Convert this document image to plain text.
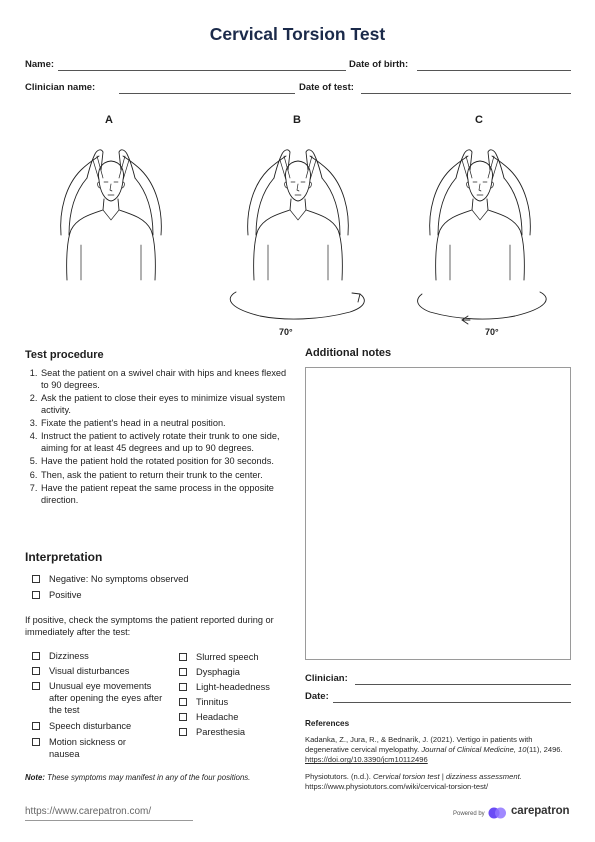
Cervical Torsion Test
Name:	Date of birth:
Clinician name:	Date of test:
A	B	C
70°	70°
Test procedure
1. Seat the patient on a swivel chair with hips and knees flexed to 90 degrees.
2. Ask the patient to close their eyes to minimize visual system activity.
3. Fixate the patient's head in a neutral position.
4. Instruct the patient to actively rotate their trunk to one side, aiming for at least 45 degrees and up to 90 degrees.
5. Have the patient hold the rotated position for 30 seconds.
6. Then, ask the patient to return their trunk to the center.
7. Have the patient repeat the same process in the opposite direction.
Interpretation
Negative: No symptoms observed
Positive
If positive, check the symptoms the patient reported during or immediately after the test:
Dizziness
Visual disturbances
Unusual eye movements after opening the eyes after the test
Speech disturbance
Motion sickness or nausea
Slurred speech
Dysphagia
Light-headedness
Tinnitus
Headache
Paresthesia
Note: These symptoms may manifest in any of the four positions.
Additional notes
Clinician:
Date:
References
Kadanka, Z., Jura, R., & Bednarik, J. (2021). Vertigo in patients with degenerative cervical myelopathy. Journal of Clinical Medicine, 10(11), 2496. https://doi.org/10.3390/jcm10112496
Physiotutors. (n.d.). Cervical torsion test | dizziness assessment.
https://www.physiotutors.com/wiki/cervical-torsion-test/
https://www.carepatron.com/	Powered by carepatron
